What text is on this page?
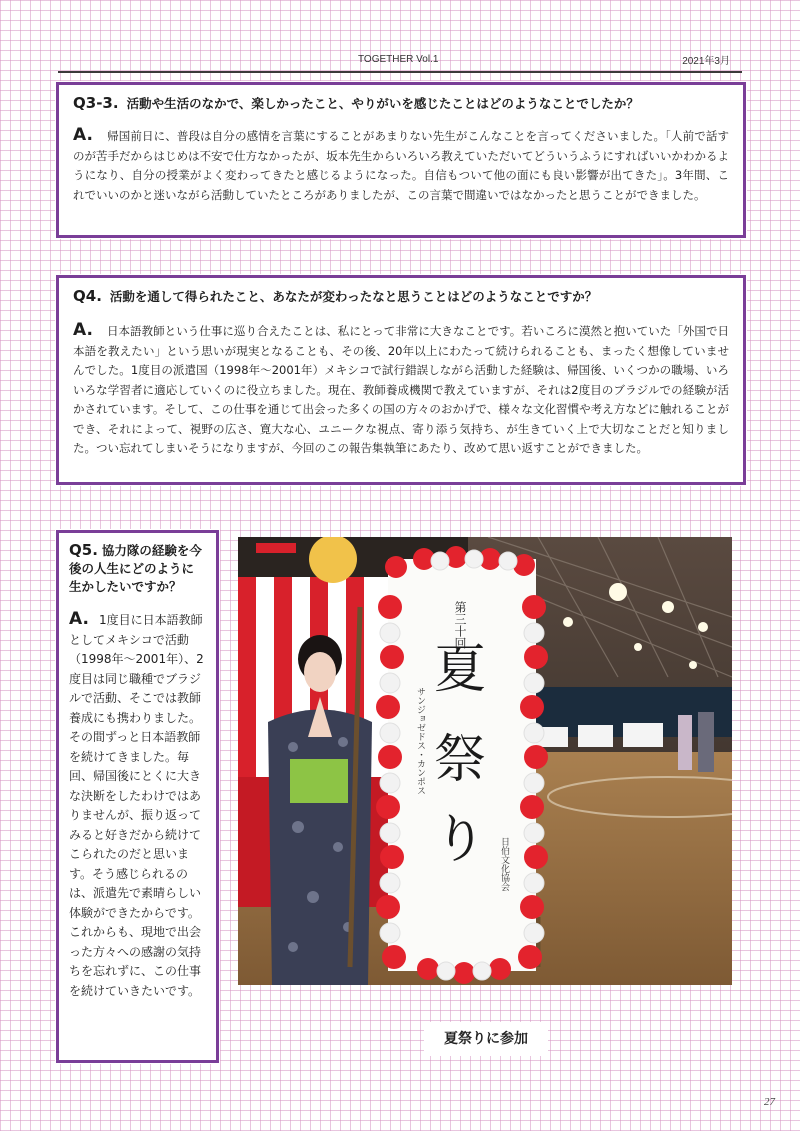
TOGETHER Vol.1	2021年3月
Q3-3. 活動や生活のなかで、楽しかったこと、やりがいを感じたことはどのようなことでしたか？
A. 帰国前日に、普段は自分の感情を言葉にすることがあまりない先生がこんなことを言ってくださいました。「人前で話すのが苦手だからはじめは不安で仕方なかったが、坂本先生からいろいろ教えていただいてどういうふうにすればいいかわかるようになり、自分の授業がよく変わってきたと感じるようになった。自信もついて他の面にも良い影響が出てきた」。3年間、これでいいのかと迷いながら活動していたところがありましたが、この言葉で間違いではなかったと思うことができました。
Q4. 活動を通して得られたこと、あなたが変わったなと思うことはどのようなことですか？
A. 日本語教師という仕事に巡り合えたことは、私にとって非常に大きなことです。若いころに漠然と抱いていた「外国で日本語を教えたい」という思いが現実となることも、その後、20年以上にわたって続けられることも、まったく想像していませんでした。1度目の派遣国（1998年～2001年）メキシコで試行錯誤しながら活動した経験は、帰国後、いくつかの職場、いろいろな学習者に適応していくのに役立ちました。現在、教師養成機関で教えていますが、それは2度目のブラジルでの経験が活かされています。そして、この仕事を通じて出会った多くの国の方々のおかげで、様々な文化習慣や考え方などに触れることができ、それによって、視野の広さ、寛大な心、ユニークな視点、寄り添う気持ち、が生きていく上で大切なことだと知りました。つい忘れてしまいそうになりますが、今回のこの報告集執筆にあたり、改めて思い返すことができました。
Q5. 協力隊の経験を今後の人生にどのように生かしたいですか？
A. 1度目に日本語教師としてメキシコで活動（1998年～2001年）、2度目は同じ職種でブラジルで活動、そこでは教師養成にも携わりました。その間ずっと日本語教師を続けてきました。毎回、帰国後にとくに大きな決断をしたわけではありませんが、振り返ってみると好きだから続けてこられたのだと思います。そう感じられるのは、派遣先で素晴らしい体験ができたからです。これからも、現地で出会った方々への感謝の気持ちを忘れずに、この仕事を続けていきたいです。
第三十回
夏
祭
り
サンジョゼドス・カンポス
日伯文化協会
夏祭りに参加
27
